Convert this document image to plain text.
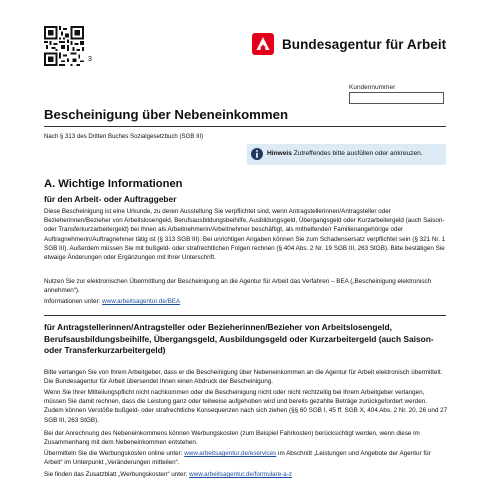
3
Bundesagentur für Arbeit
Kundennummer
Bescheinigung über Nebeneinkommen
Nach § 313 des Dritten Buches Sozialgesetzbuch (SGB III)
Hinweis Zutreffendes bitte ausfüllen oder ankreuzen.
A. Wichtige Informationen
für den Arbeit- oder Auftraggeber
Diese Bescheinigung ist eine Urkunde, zu deren Ausstellung Sie verpflichtet sind, wenn Antragstellerinnen/Antragsteller oder Bezieherinnen/Bezieher von Arbeitslosengeld, Berufsausbildungsbeihilfe, Ausbildungsgeld, Übergangsgeld oder Kurzarbeitergeld (auch Saison- oder Transferkurzarbeitergeld) bei Ihnen als Arbeitnehmerin/Arbeitnehmer beschäftigt, als mithelfende/r Familienangehörige oder Auftragnehmerin/Auftragnehmer tätig ist (§ 313 SGB III). Bei unrichtigen Angaben können Sie zum Schadensersatz verpflichtet sein (§ 321 Nr. 1 SGB III). Außerdem müssen Sie mit bußgeld- oder strafrechtlichen Folgen rechnen (§ 404 Abs. 2 Nr. 19 SGB III, 263 StGB). Bitte bestätigen Sie etwaige Änderungen oder Ergänzungen mit Ihrer Unterschrift.
Nutzen Sie zur elektronischen Übermittlung der Bescheinigung an die Agentur für Arbeit das Verfahren – BEA („Bescheinigung elektronisch annehmen“).
Informationen unter: www.arbeitsagentur.de/BEA
für Antragstellerinnen/Antragsteller oder Bezieherinnen/Bezieher von Arbeitslosengeld, Berufsausbildungsbeihilfe, Übergangsgeld, Ausbildungsgeld oder Kurzarbeitergeld (auch Saison- oder Transferkurzarbeitergeld)
Bitte verlangen Sie von Ihrem Arbeitgeber, dass er die Bescheinigung über Nebeneinkommen an die Agentur für Arbeit elektronisch übermittelt. Die Bundesagentur für Arbeit übersendet Ihnen einen Abdruck der Bescheinigung.
Wenn Sie Ihrer Mitteilungspflicht nicht nachkommen oder die Bescheinigung nicht oder nicht rechtzeitig bei Ihrem Arbeitgeber verlangen, müssen Sie damit rechnen, dass die Leistung ganz oder teilweise aufgehoben wird und bereits gezahlte Beträge zurückgefordert werden. Zudem können Verstöße bußgeld- oder strafrechtliche Konsequenzen nach sich ziehen (§§ 60 SGB I, 45 ff. SGB X, 404 Abs. 2 Nr. 20, 26 und 27 SGB III, 263 StGB).
Bei der Anrechnung des Nebeneinkommens können Werbungskosten (zum Beispiel Fahrkosten) berücksichtigt werden, wenn diese im Zusammenhang mit dem Nebeneinkommen entstehen.
Übermitteln Sie die Werbungskosten online unter: www.arbeitsagentur.de/eservices im Abschnitt „Leistungen und Angebote der Agentur für Arbeit“ im Unterpunkt „Veränderungen mitteilen“.
Sie finden das Zusatzblatt „Werbungskosten“ unter: www.arbeitsagentur.de/formulare-a-z
